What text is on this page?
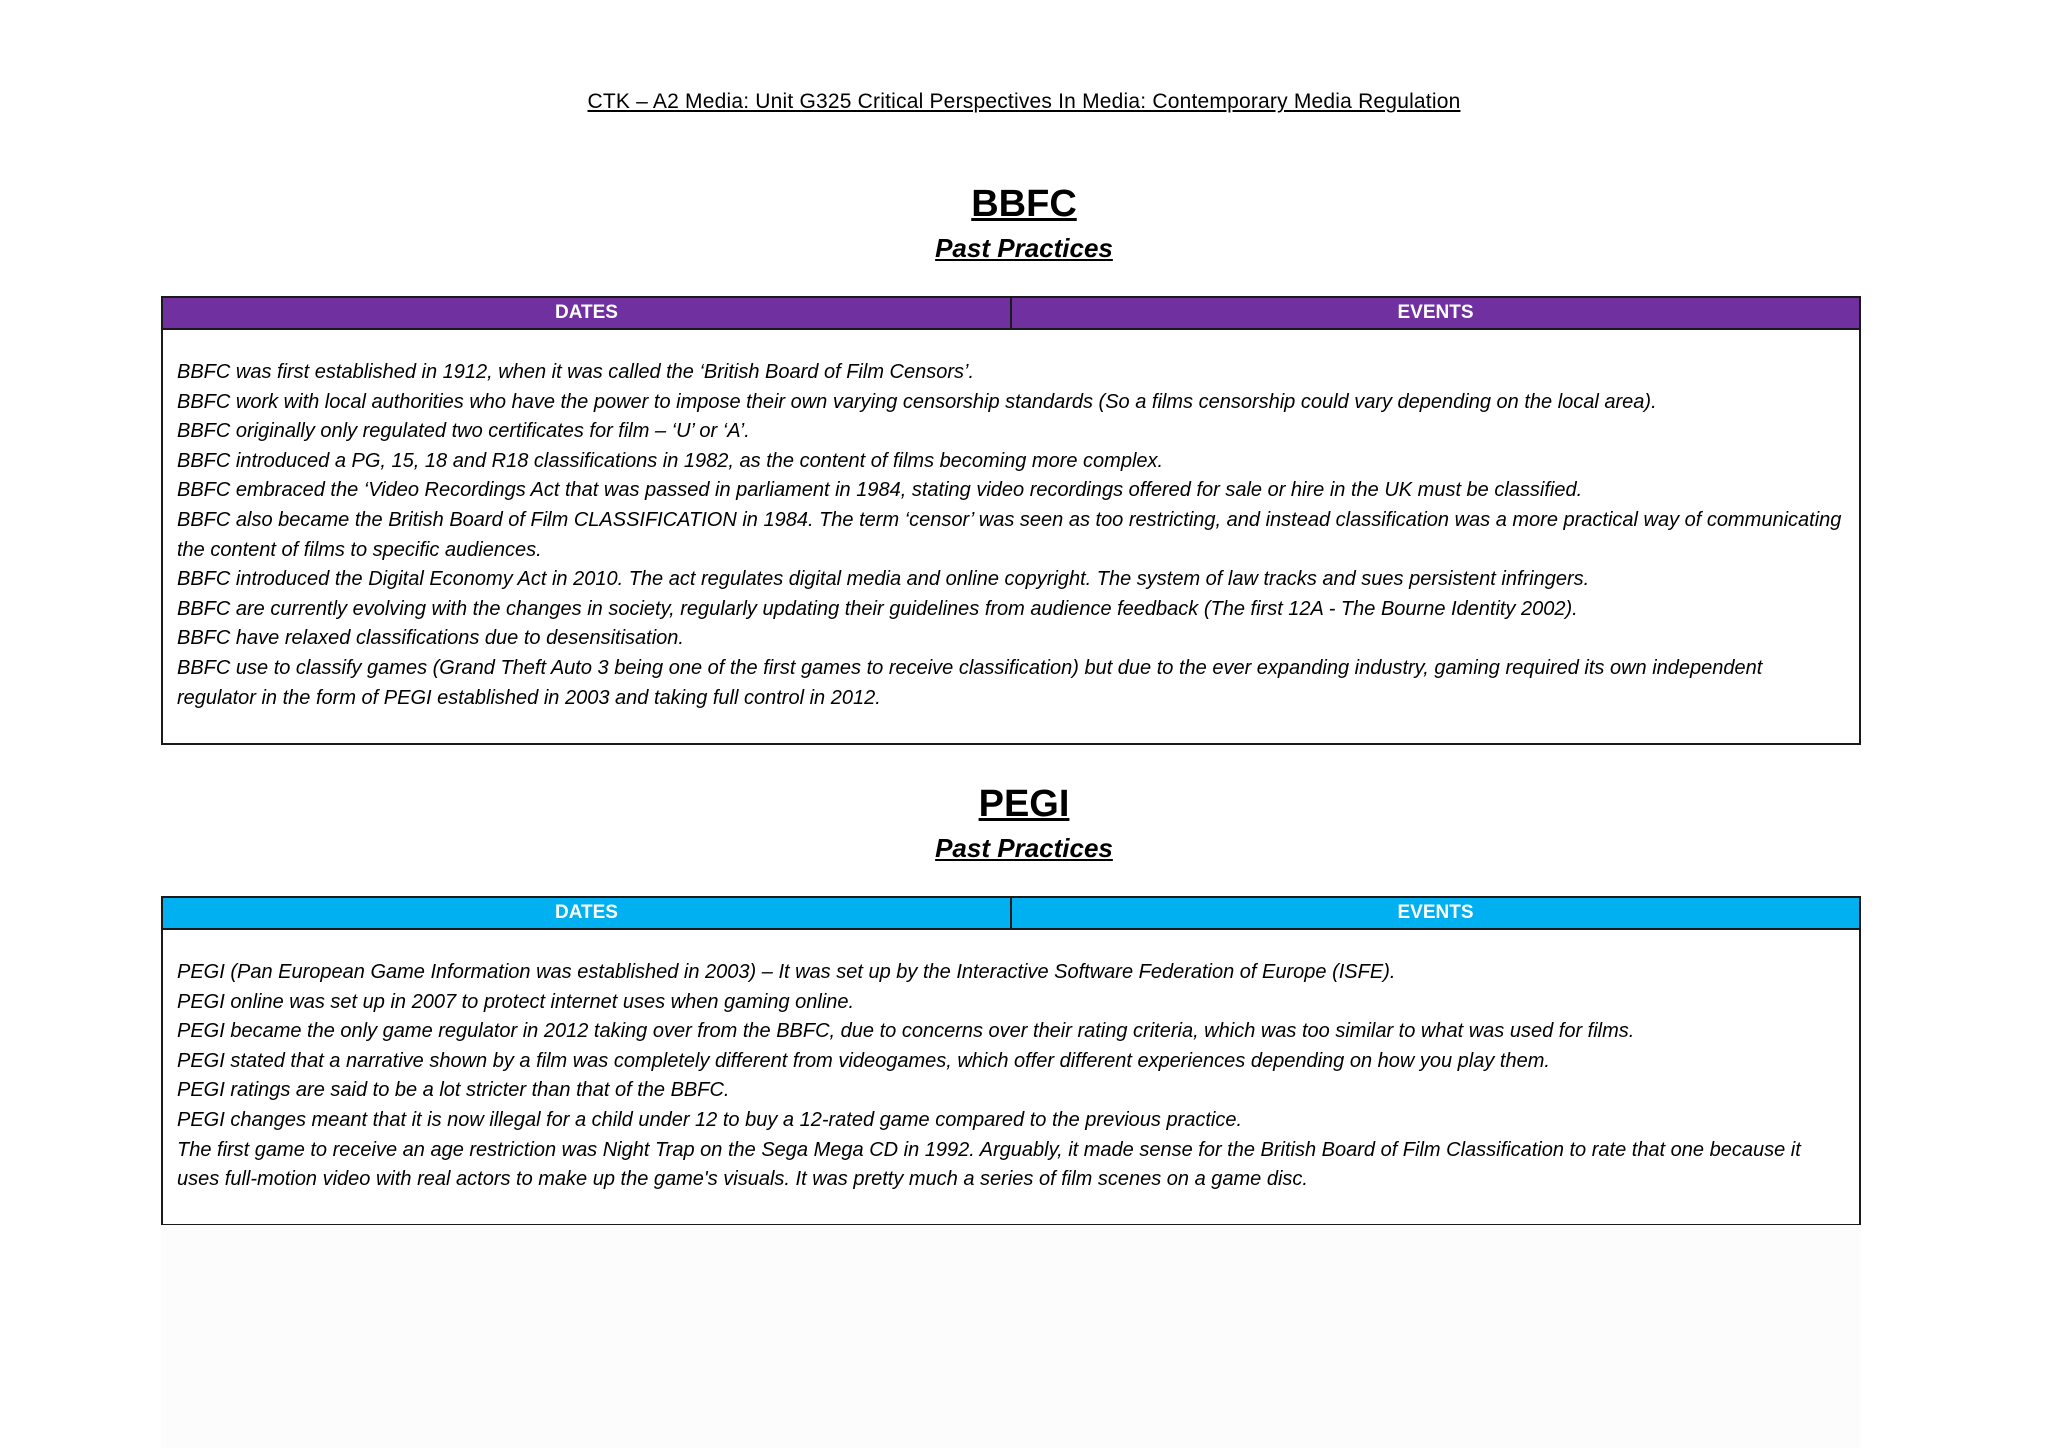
CTK – A2 Media: Unit G325 Critical Perspectives In Media: Contemporary Media Regulation
BBFC
Past Practices
DATES	EVENTS

BBFC was first established in 1912, when it was called the ‘British Board of Film Censors’.

BBFC work with local authorities who have the power to impose their own varying censorship standards (So a films censorship could vary depending on the local area).

BBFC originally only regulated two certificates for film – ‘U’ or ‘A’.

BBFC introduced a PG, 15, 18 and R18 classifications in 1982, as the content of films becoming more complex.

BBFC embraced the ‘Video Recordings Act that was passed in parliament in 1984, stating video recordings offered for sale or hire in the UK must be classified.

BBFC also became the British Board of Film CLASSIFICATION in 1984. The term ‘censor’ was seen as too restricting, and instead classification was a more practical way of communicating the content of films to specific audiences.

BBFC introduced the Digital Economy Act in 2010. The act regulates digital media and online copyright. The system of law tracks and sues persistent infringers.

BBFC are currently evolving with the changes in society, regularly updating their guidelines from audience feedback (The first 12A - The Bourne Identity 2002).

BBFC have relaxed classifications due to desensitisation.

BBFC use to classify games (Grand Theft Auto 3 being one of the first games to receive classification) but due to the ever expanding industry, gaming required its own independent regulator in the form of PEGI established in 2003 and taking full control in 2012.

PEGI
Past Practices
DATES	EVENTS

PEGI (Pan European Game Information was established in 2003) – It was set up by the Interactive Software Federation of Europe (ISFE).

PEGI online was set up in 2007 to protect internet uses when gaming online.

PEGI became the only game regulator in 2012 taking over from the BBFC, due to concerns over their rating criteria, which was too similar to what was used for films.

PEGI stated that a narrative shown by a film was completely different from videogames, which offer different experiences depending on how you play them.

PEGI ratings are said to be a lot stricter than that of the BBFC.

PEGI changes meant that it is now illegal for a child under 12 to buy a 12-rated game compared to the previous practice.

The first game to receive an age restriction was Night Trap on the Sega Mega CD in 1992. Arguably, it made sense for the British Board of Film Classification to rate that one because it uses full-motion video with real actors to make up the game's visuals. It was pretty much a series of film scenes on a game disc.
